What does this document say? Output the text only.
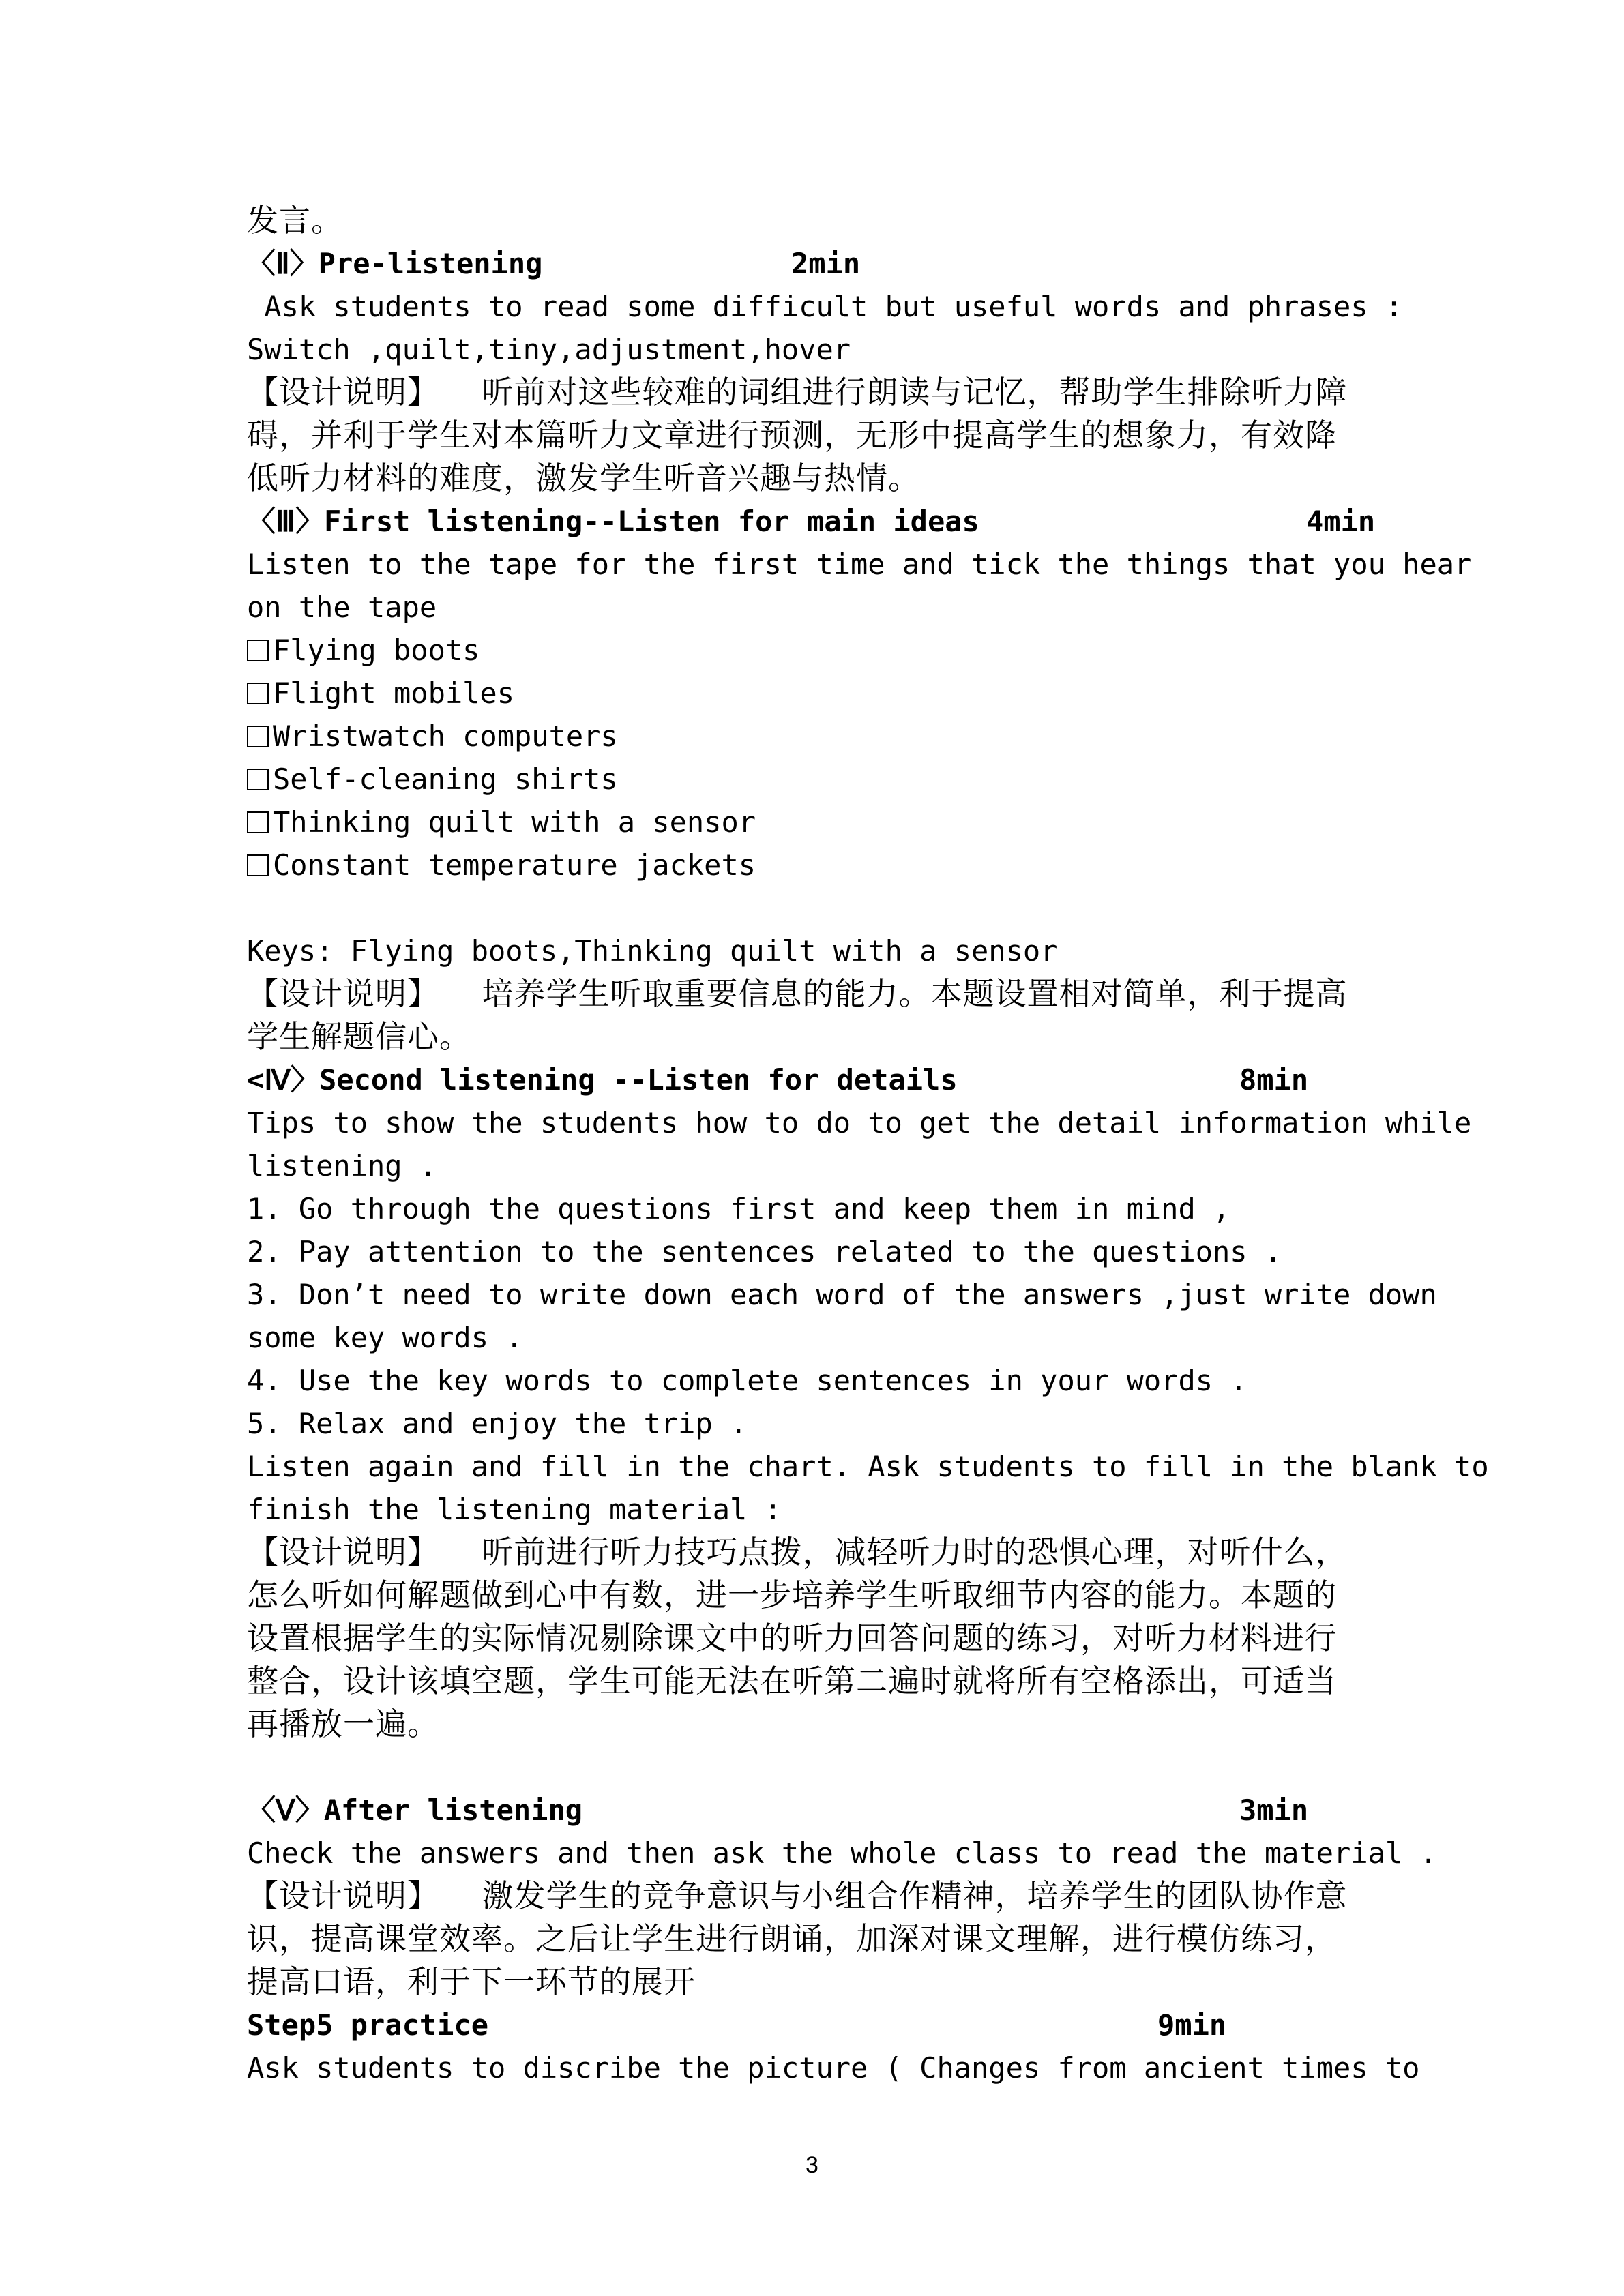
发言。
〈Ⅱ〉Pre-listening	2min
Ask students to read some difficult but useful words and phrases :
Switch ,quilt,tiny,adjustment,hover
【设计说明】    听前对这些较难的词组进行朗读与记忆，帮助学生排除听力障
碍，并利于学生对本篇听力文章进行预测，无形中提高学生的想象力，有效降
低听力材料的难度，激发学生听音兴趣与热情。
〈Ⅲ〉First listening--Listen for main ideas	4min
Listen to the tape for the first time and tick the things that you hear
on the tape
Flying boots
Flight mobiles
Wristwatch computers
Self-cleaning shirts
Thinking quilt with a sensor
Constant temperature jackets
Keys: Flying boots,Thinking quilt with a sensor
【设计说明】    培养学生听取重要信息的能力。本题设置相对简单，利于提高
学生解题信心。
<Ⅳ〉Second listening --Listen for details	8min
Tips to show the students how to do to get the detail information while
listening .
1. Go through the questions first and keep them in mind ,
2. Pay attention to the sentences related to the questions .
3. Don’t need to write down each word of the answers ,just write down
some key words .
4. Use the key words to complete sentences in your words .
5. Relax and enjoy the trip .
Listen again and fill in the chart. Ask students to fill in the blank to
finish the listening material :
【设计说明】    听前进行听力技巧点拨，减轻听力时的恐惧心理，对听什么，
怎么听如何解题做到心中有数，进一步培养学生听取细节内容的能力。本题的
设置根据学生的实际情况剔除课文中的听力回答问题的练习，对听力材料进行
整合，设计该填空题，学生可能无法在听第二遍时就将所有空格添出，可适当
再播放一遍。
〈Ⅴ〉After listening	3min
Check the answers and then ask the whole class to read the material .
【设计说明】    激发学生的竞争意识与小组合作精神，培养学生的团队协作意
识，提高课堂效率。之后让学生进行朗诵，加深对课文理解，进行模仿练习，
提高口语，利于下一环节的展开
Step5 practice	9min
Ask students to discribe the picture ( Changes from ancient times to
3
